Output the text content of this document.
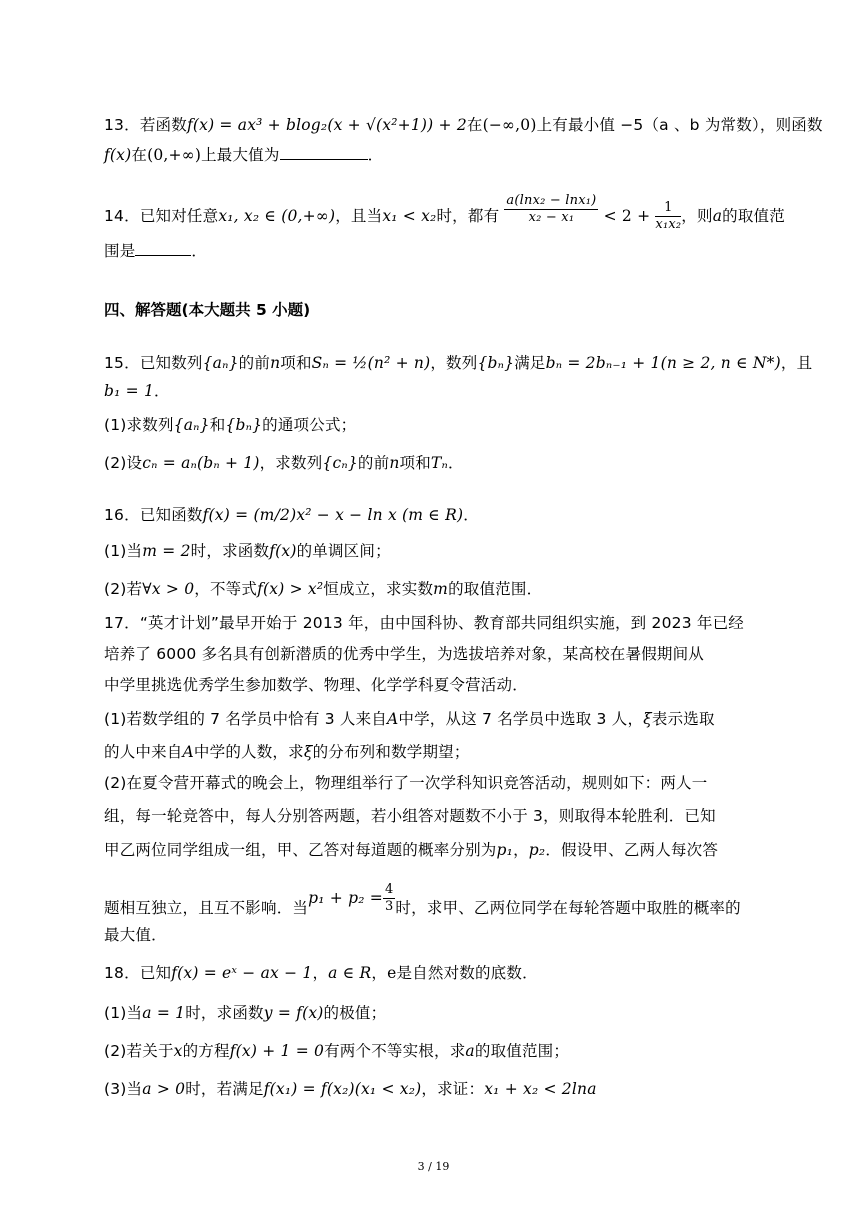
13．若函数f(x) = ax³ + blog₂(x + √(x²+1)) + 2在(−∞,0)上有最小值 −5（a 、b 为常数），则函数
f(x)在(0,+∞)上最大值为	．
14．已知对任意x₁, x₂ ∈ (0,+∞)，且当x₁ < x₂时，都有 $\frac{\text{a(lnx₂ − lnx₁)}}{\text{x₂ − x₁}} < 2 + \frac{1}{\text{x₁x₂}}$ ，则a的取值范
围是	．
四、解答题(本大题共 5 小题)
15．已知数列{aₙ}的前n项和Sₙ = ½(n² + n)，数列{bₙ}满足bₙ = 2bₙ₋₁ + 1(n ≥ 2, n ∈ N*)，且
b₁ = 1．
(1)求数列{aₙ}和{bₙ}的通项公式；
(2)设cₙ = aₙ(bₙ + 1)，求数列{cₙ}的前n项和Tₙ．
16．已知函数f(x) = (m/2)x² − x − ln x (m ∈ R)．
(1)当m = 2时，求函数f(x)的单调区间；
(2)若∀x > 0，不等式f(x) > x²恒成立，求实数m的取值范围．
17．“英才计划”最早开始于 2013 年，由中国科协、教育部共同组织实施，到 2023 年已经
培养了 6000 多名具有创新潜质的优秀中学生，为选拔培养对象，某高校在暑假期间从
中学里挑选优秀学生参加数学、物理、化学学科夏令营活动．
(1)若数学组的 7 名学员中恰有 3 人来自A中学，从这 7 名学员中选取 3 人，ξ表示选取
的人中来自A中学的人数，求ξ的分布列和数学期望；
(2)在夏令营开幕式的晚会上，物理组举行了一次学科知识竞答活动，规则如下：两人一
组，每一轮竞答中，每人分别答两题，若小组答对题数不小于 3，则取得本轮胜利．已知
甲乙两位同学组成一组，甲、乙答对每道题的概率分别为p₁，p₂．假设甲、乙两人每次答
题相互独立，且互不影响．当$p_1 + p_2 = \frac{4}{3}$ 时，求甲、乙两位同学在每轮答题中取胜的概率的
最大值．
18．已知f(x) = eˣ − ax − 1，a ∈ R，e是自然对数的底数．
(1)当a = 1时，求函数y = f(x)的极值；
(2)若关于x的方程f(x) + 1 = 0有两个不等实根，求a的取值范围；
(3)当a > 0时，若满足f(x₁) = f(x₂)(x₁ < x₂)，求证：x₁ + x₂ < 2lna
3 / 19
